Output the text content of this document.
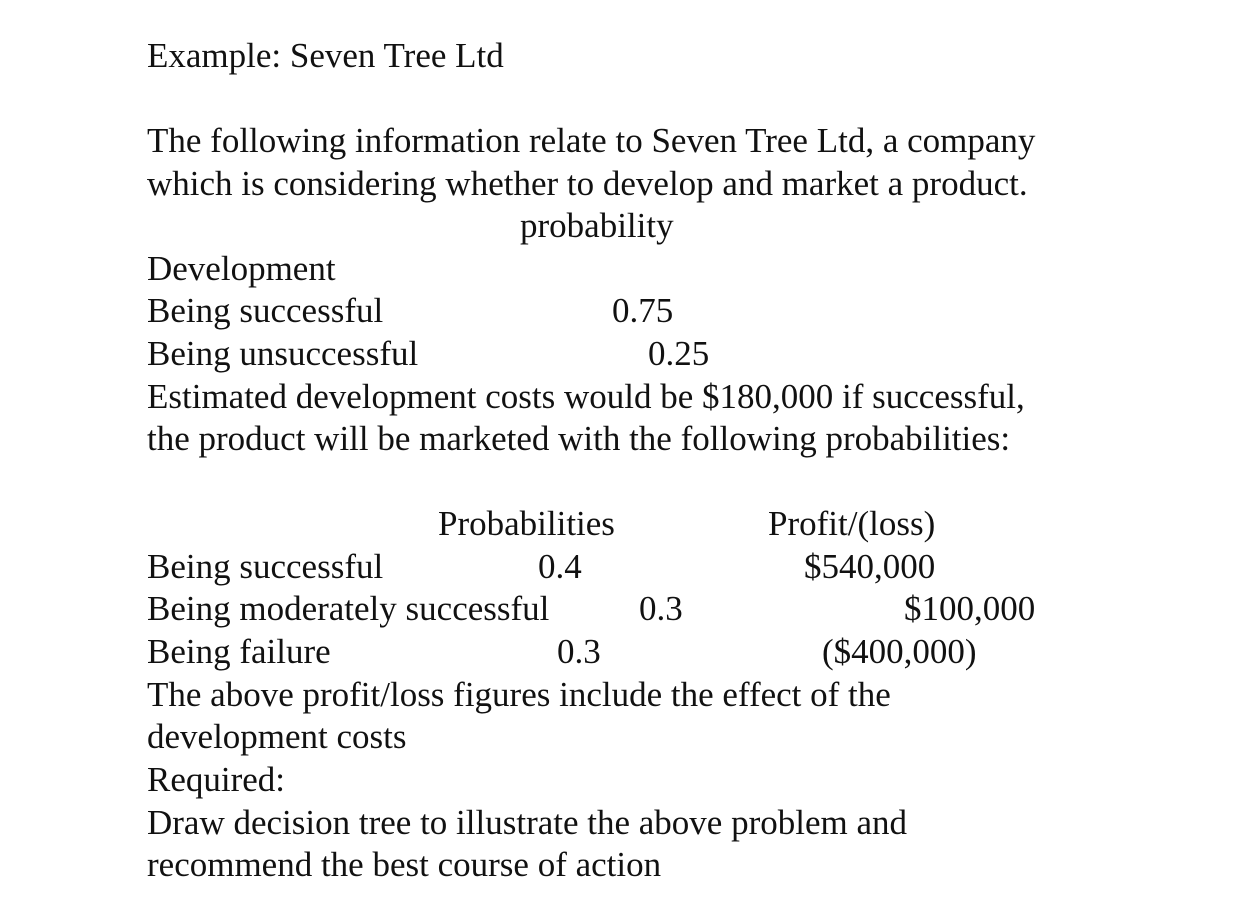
Example: Seven Tree Ltd
The following information relate to Seven Tree Ltd, a company
which is considering whether to develop and market a product.
probability
Development
Being successful	0.75
Being unsuccessful	0.25
Estimated development costs would be $180,000 if successful,
the product will be marketed with the following probabilities:
Probabilities	Profit/(loss)
Being successful	0.4	$540,000
Being moderately successful	0.3	$100,000
Being failure	0.3	($400,000)
The above profit/loss figures include the effect of the
development costs
Required:
Draw decision tree to illustrate the above problem and
recommend the best course of action
